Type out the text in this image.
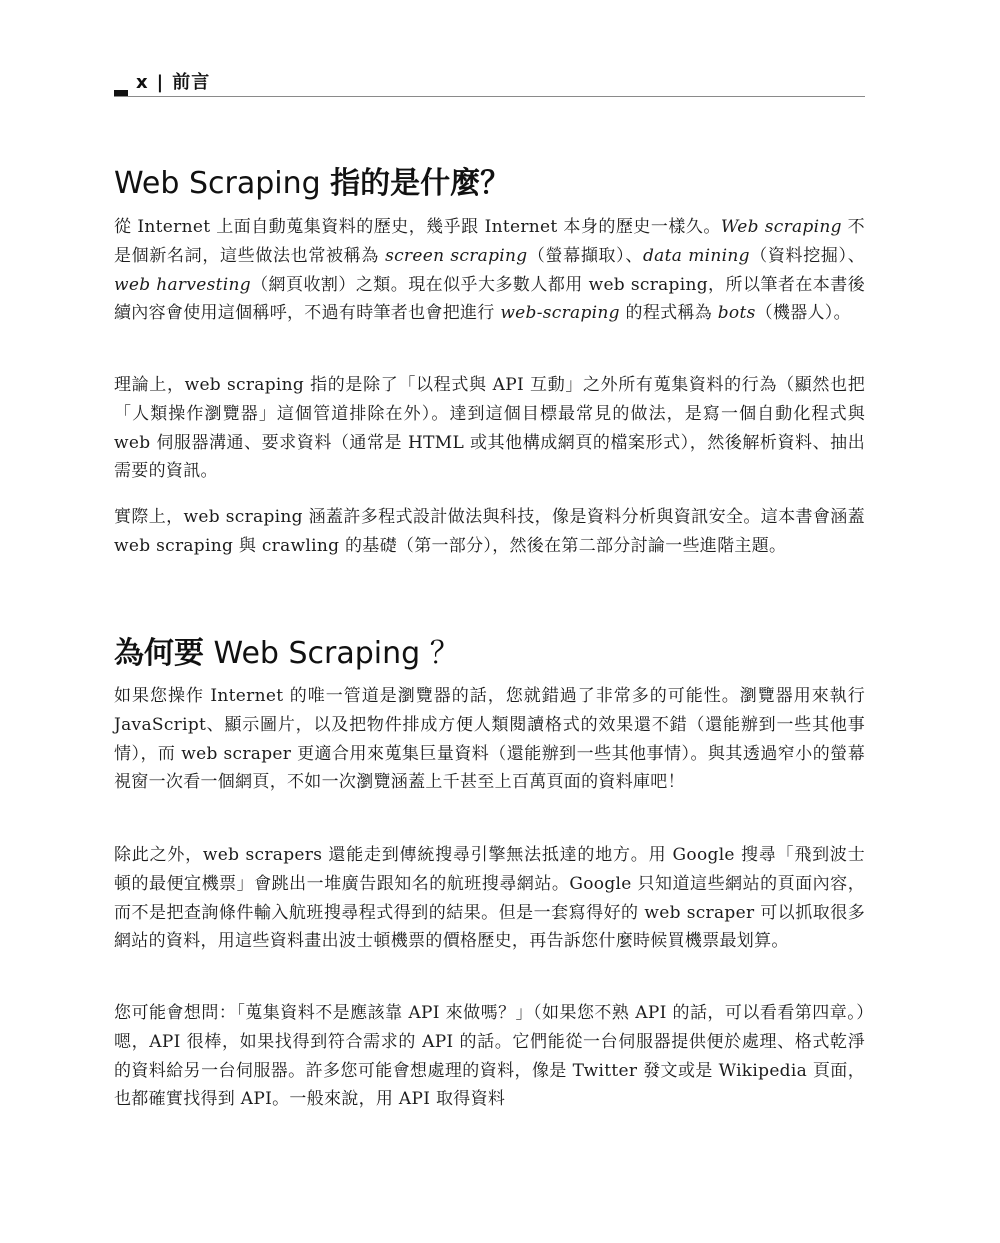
x | 前言
Web Scraping 指的是什麼？

從 Internet 上面自動蒐集資料的歷史，幾乎跟 Internet 本身的歷史一樣久。Web scraping 不是個新名詞，這些做法也常被稱為 screen scraping（螢幕擷取）、data mining（資料挖掘）、web harvesting（網頁收割）之類。現在似乎大多數人都用 web scraping，所以筆者在本書後續內容會使用這個稱呼，不過有時筆者也會把進行 web-scraping 的程式稱為 bots（機器人）。

理論上，web scraping 指的是除了「以程式與 API 互動」之外所有蒐集資料的行為（顯然也把「人類操作瀏覽器」這個管道排除在外）。達到這個目標最常見的做法，是寫一個自動化程式與 web 伺服器溝通、要求資料（通常是 HTML 或其他構成網頁的檔案形式），然後解析資料、抽出需要的資訊。

實際上，web scraping 涵蓋許多程式設計做法與科技，像是資料分析與資訊安全。這本書會涵蓋 web scraping 與 crawling 的基礎（第一部分），然後在第二部分討論一些進階主題。

為何要 Web Scraping ？

如果您操作 Internet 的唯一管道是瀏覽器的話，您就錯過了非常多的可能性。瀏覽器用來執行 JavaScript、顯示圖片，以及把物件排成方便人類閱讀格式的效果還不錯（還能辦到一些其他事情），而 web scraper 更適合用來蒐集巨量資料（還能辦到一些其他事情）。與其透過窄小的螢幕視窗一次看一個網頁，不如一次瀏覽涵蓋上千甚至上百萬頁面的資料庫吧！

除此之外，web scrapers 還能走到傳統搜尋引擎無法抵達的地方。用 Google 搜尋「飛到波士頓的最便宜機票」會跳出一堆廣告跟知名的航班搜尋網站。Google 只知道這些網站的頁面內容，而不是把查詢條件輸入航班搜尋程式得到的結果。但是一套寫得好的 web scraper 可以抓取很多網站的資料，用這些資料畫出波士頓機票的價格歷史，再告訴您什麼時候買機票最划算。

您可能會想問：「蒐集資料不是應該靠 API 來做嗎？」（如果您不熟 API 的話，可以看看第四章。）嗯，API 很棒，如果找得到符合需求的 API 的話。它們能從一台伺服器提供便於處理、格式乾淨的資料給另一台伺服器。許多您可能會想處理的資料，像是 Twitter 發文或是 Wikipedia 頁面，也都確實找得到 API。一般來說，用 API 取得資料
